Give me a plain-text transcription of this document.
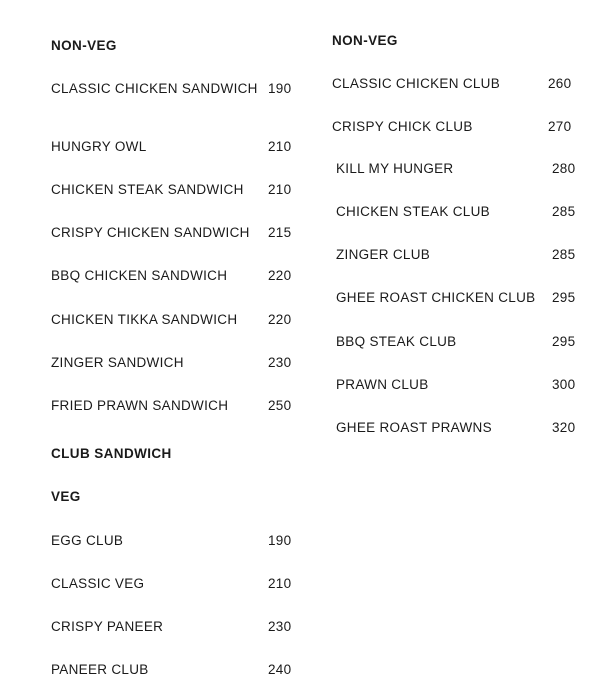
NON-VEG
CLASSIC CHICKEN SANDWICH 190
HUNGRY OWL	210
CHICKEN STEAK SANDWICH 210
CRISPY CHICKEN SANDWICH 215
BBQ CHICKEN SANDWICH	220
CHICKEN TIKKA SANDWICH 220
ZINGER SANDWICH	230
FRIED PRAWN SANDWICH	250
CLUB SANDWICH
VEG
EGG CLUB	190
CLASSIC VEG	210
CRISPY PANEER	230
PANEER CLUB	240
NON-VEG
CLASSIC CHICKEN CLUB	260
CRISPY CHICK CLUB	270
KILL MY HUNGER	280
CHICKEN STEAK CLUB	285
ZINGER CLUB	285
GHEE ROAST CHICKEN CLUB 295
BBQ STEAK CLUB	295
PRAWN CLUB	300
GHEE ROAST PRAWNS	320
